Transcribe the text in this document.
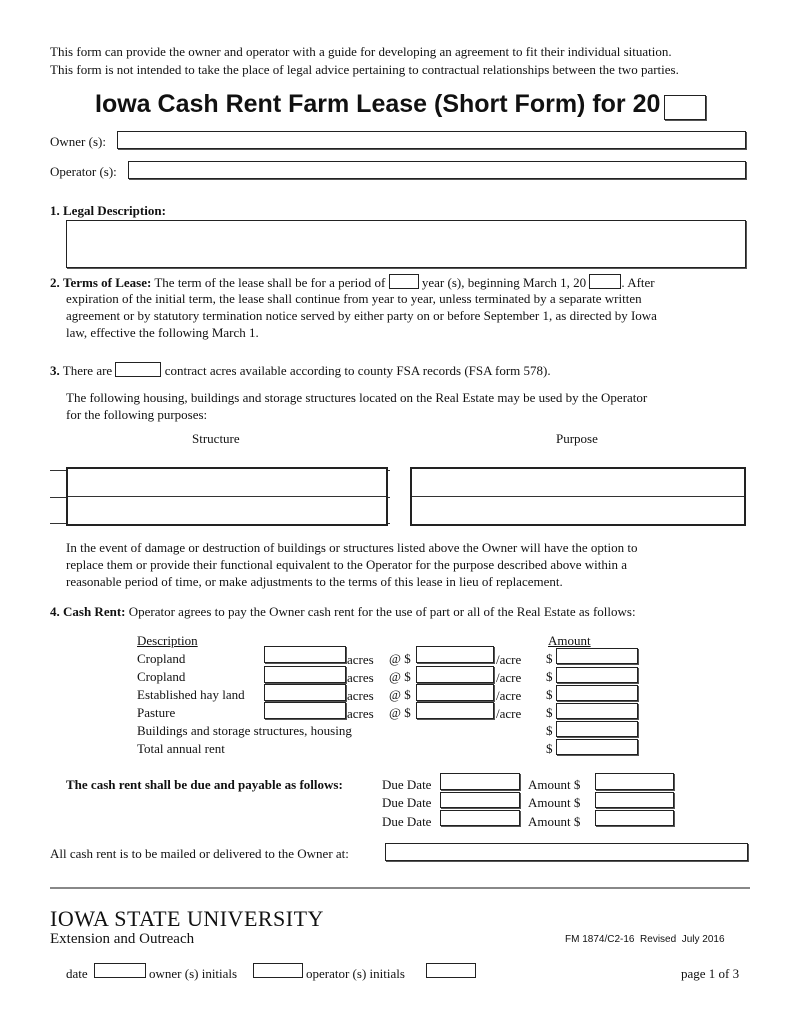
This form can provide the owner and operator with a guide for developing an agreement to fit their individual situation.
This form is not intended to take the place of legal advice pertaining to contractual relationships between the two parties.
Iowa Cash Rent Farm Lease (Short Form) for 20
Owner (s):
Operator (s):
1. Legal Description:
2. Terms of Lease: The term of the lease shall be for a period of	year (s), beginning March 1, 20	. After
expiration of the initial term, the lease shall continue from year to year, unless terminated by a separate written
agreement or by statutory termination notice served by either party on or before September 1, as directed by Iowa
law, effective the following March 1.
3. There are	contract acres available according to county FSA records (FSA form 578).
The following housing, buildings and storage structures located on the Real Estate may be used by the Operator
for the following purposes:
Structure	Purpose
In the event of damage or destruction of buildings or structures listed above the Owner will have the option to
replace them or provide their functional equivalent to the Operator for the purpose described above within a
reasonable period of time, or make adjustments to the terms of this lease in lieu of replacement.
4. Cash Rent: Operator agrees to pay the Owner cash rent for the use of part or all of the Real Estate as follows:
Description	Amount
Cropland	acres @ $	/acre $
Cropland	acres @ $	/acre $
Established hay land	acres @ $	/acre $
Pasture	acres @ $	/acre $
Buildings and storage structures, housing	$
Total annual rent	$
The cash rent shall be due and payable as follows:	Due Date	Amount $
Due Date	Amount $
Due Date	Amount $
All cash rent is to be mailed or delivered to the Owner at:
IOWA STATE UNIVERSITY
Extension and Outreach	FM 1874/C2-16  Revised  July 2016
date	owner (s) initials	operator (s) initials	page 1 of 3
